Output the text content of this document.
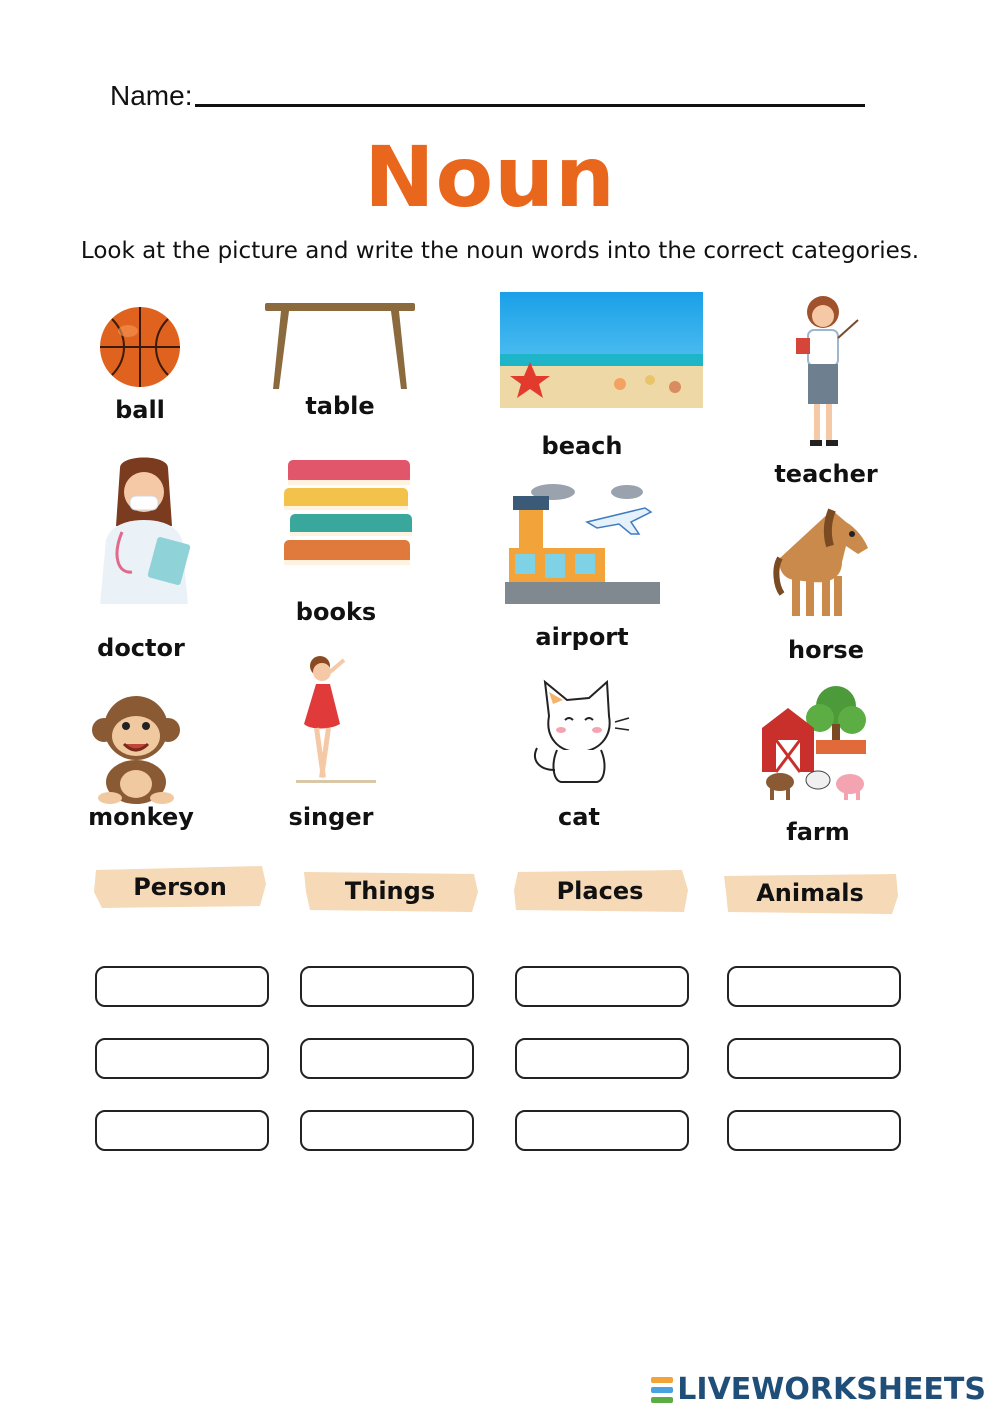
Name:
Noun
Look at the picture and write the noun words into the correct categories.
ball	table
beach
teacher
doctor
books
airport	horse
monkey	singer	cat
farm
Person	Things	Places	Animals
LIVEWORKSHEETS
